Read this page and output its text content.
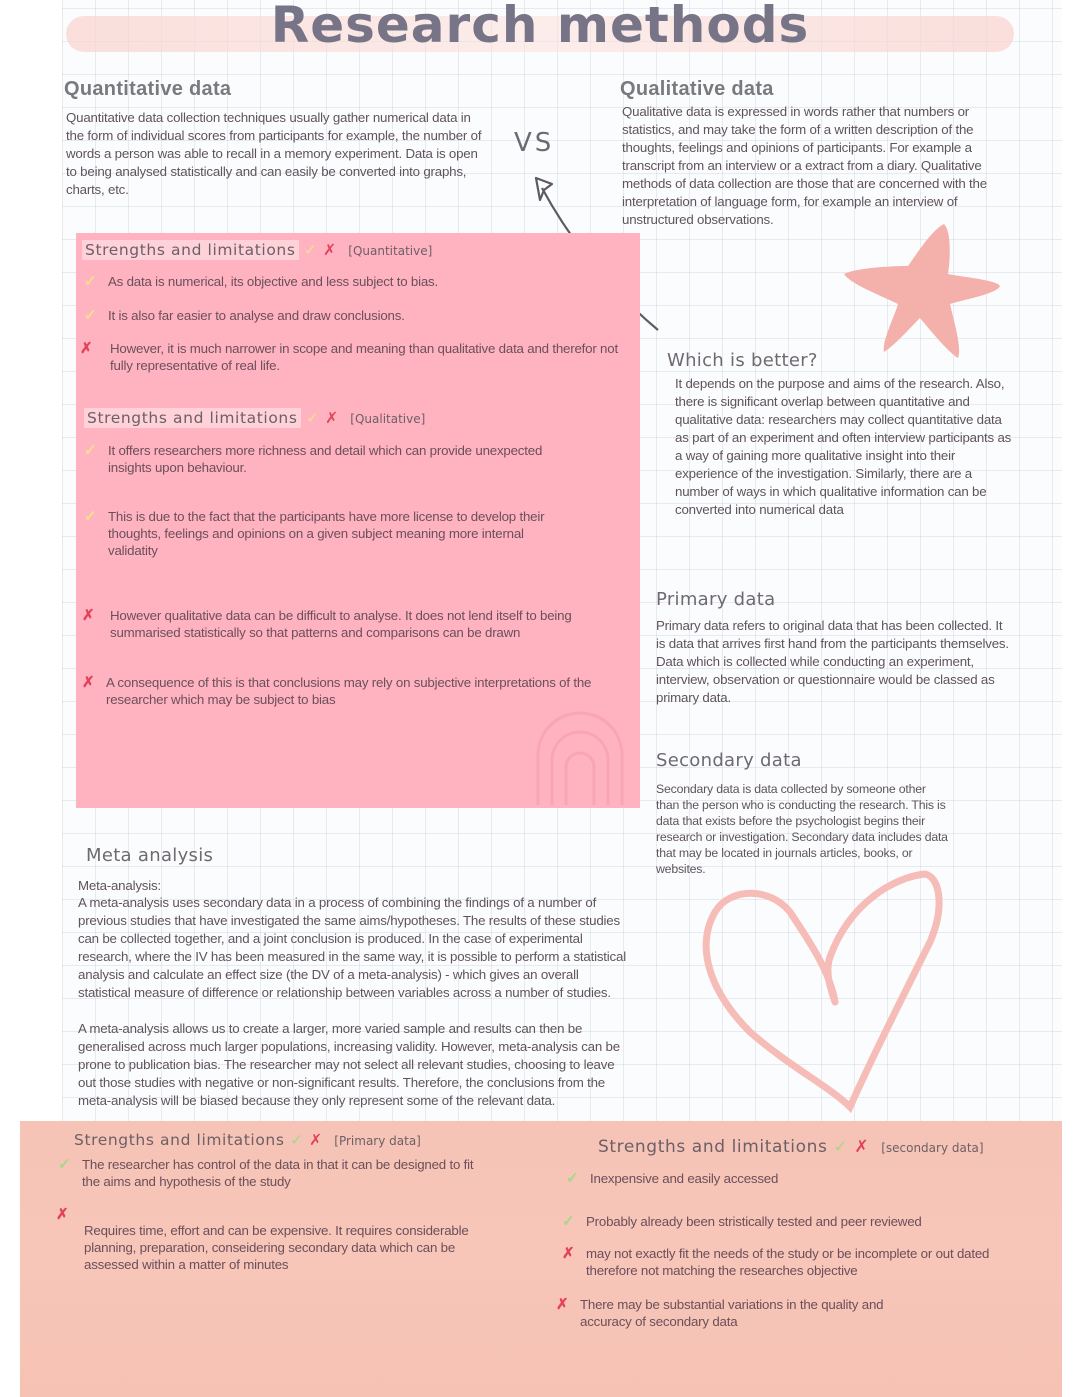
Research methods
Quantitative data
Quantitative data collection techniques usually gather numerical data in the form of individual scores from participants for example, the number of words a person was able to recall in a memory experiment. Data is open to being analysed statistically and can easily be converted into graphs, charts, etc.
VS
Qualitative data
Qualitative data is expressed in words rather that numbers or statistics, and may take the form of a written description of the thoughts, feelings and opinions of participants. For example a transcript from an interview or a extract from a diary. Qualitative methods of data collection are those that are concerned with the interpretation of language form, for example an interview of unstructured observations.
Strengths and limitations ✓ ✗ [Quantitative]
✓ As data is numerical, its objective and less subject to bias.
✓ It is also far easier to analyse and draw conclusions.
✗	However, it is much narrower in scope and meaning than qualitative data and therefor not fully representative of real life.
Strengths and limitations ✓ ✗ [Qualitative]
✓ It offers researchers more richness and detail which can provide unexpected insights upon behaviour.
✓ This is due to the fact that the participants have more license to develop their thoughts, feelings and opinions on a given subject meaning more internal validatity
✗	However qualitative data can be difficult to analyse. It does not lend itself to being summarised statistically so that patterns and comparisons can be drawn
✗ A consequence of this is that conclusions may rely on subjective interpretations of the researcher which may be subject to bias
Which is better?
It depends on the purpose and aims of the research. Also, there is significant overlap between quantitative and qualitative data: researchers may collect quantitative data as part of an experiment and often interview participants as a way of gaining more qualitative insight into their experience of the investigation. Similarly, there are a number of ways in which qualitative information can be converted into numerical data
Primary data
Primary data refers to original data that has been collected. It is data that arrives first hand from the participants themselves. Data which is collected while conducting an experiment, interview, observation or questionnaire would be classed as primary data.
Secondary data
Secondary data is data collected by someone other than the person who is conducting the research. This is data that exists before the psychologist begins their research or investigation. Secondary data includes data that may be located in journals articles, books, or websites.
Meta analysis
Meta-analysis:
A meta-analysis uses secondary data in a process of combining the findings of a number of previous studies that have investigated the same aims/hypotheses. The results of these studies can be collected together, and a joint conclusion is produced. In the case of experimental research, where the IV has been measured in the same way, it is possible to perform a statistical analysis and calculate an effect size (the DV of a meta-analysis) - which gives an overall statistical measure of difference or relationship between variables across a number of studies.
A meta-analysis allows us to create a larger, more varied sample and results can then be generalised across much larger populations, increasing validity. However, meta-analysis can be prone to publication bias. The researcher may not select all relevant studies, choosing to leave out those studies with negative or non-significant results. Therefore, the conclusions from the meta-analysis will be biased because they only represent some of the relevant data.
Strengths and limitations ✓ ✗ [Primary data]
✓ The researcher has control of the data in that it can be designed to fit the aims and hypothesis of the study
✗
Requires time, effort and can be expensive. It requires considerable planning, preparation, conseidering secondary data which can be assessed within a matter of minutes
Strengths and limitations ✓ ✗ [secondary data]
✓ Inexpensive and easily accessed
✓ Probably already been stristically tested and peer reviewed
✗ may not exactly fit the needs of the study or be incomplete or out dated therefore not matching the researches objective
✗ There may be substantial variations in the quality and accuracy of secondary data
